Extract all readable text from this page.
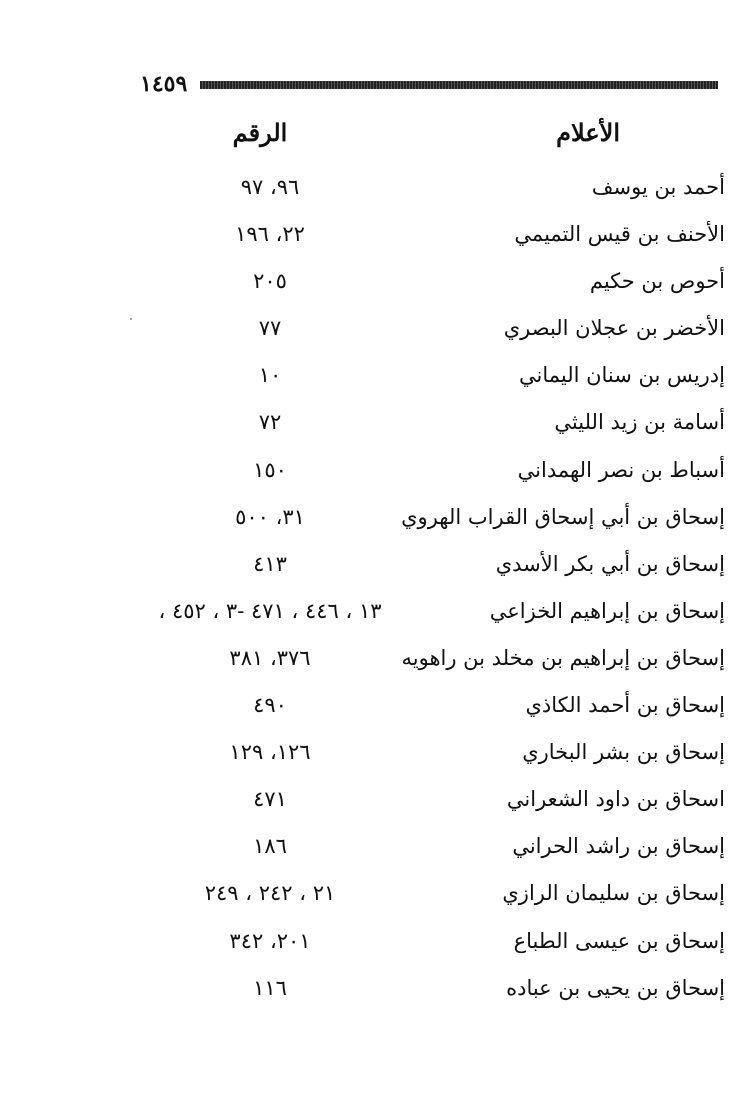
١٤٥٩
الأعلام
الرقم
أحمد بن يوسف
٩٦، ٩٧
الأحنف بن قيس التميمي
٢٢، ١٩٦
أحوص بن حكيم
٢٠٥
الأخضر بن عجلان البصري
٧٧
إدريس بن سنان اليماني
١٠
أسامة بن زيد الليثي
٧٢
أسباط بن نصر الهمداني
١٥٠
إسحاق بن أبي إسحاق القراب الهروي
٣١، ٥٠٠
إسحاق بن أبي بكر الأسدي
٤١٣
إسحاق بن إبراهيم الخزاعي
١٣ ، ٤٤٦ ، ٤٧١ -٣ ، ٤٥٢ ،
إسحاق بن إبراهيم بن مخلد بن راهويه
٣٧٦، ٣٨١
إسحاق بن أحمد الكاذي
٤٩٠
إسحاق بن بشر البخاري
١٢٦، ١٢٩
اسحاق بن داود الشعراني
٤٧١
إسحاق بن راشد الحراني
١٨٦
إسحاق بن سليمان الرازي
٢١ ، ٢٤٢ ، ٢٤٩
إسحاق بن عيسى الطباع
٢٠١، ٣٤٢
إسحاق بن يحيى بن عباده
١١٦
